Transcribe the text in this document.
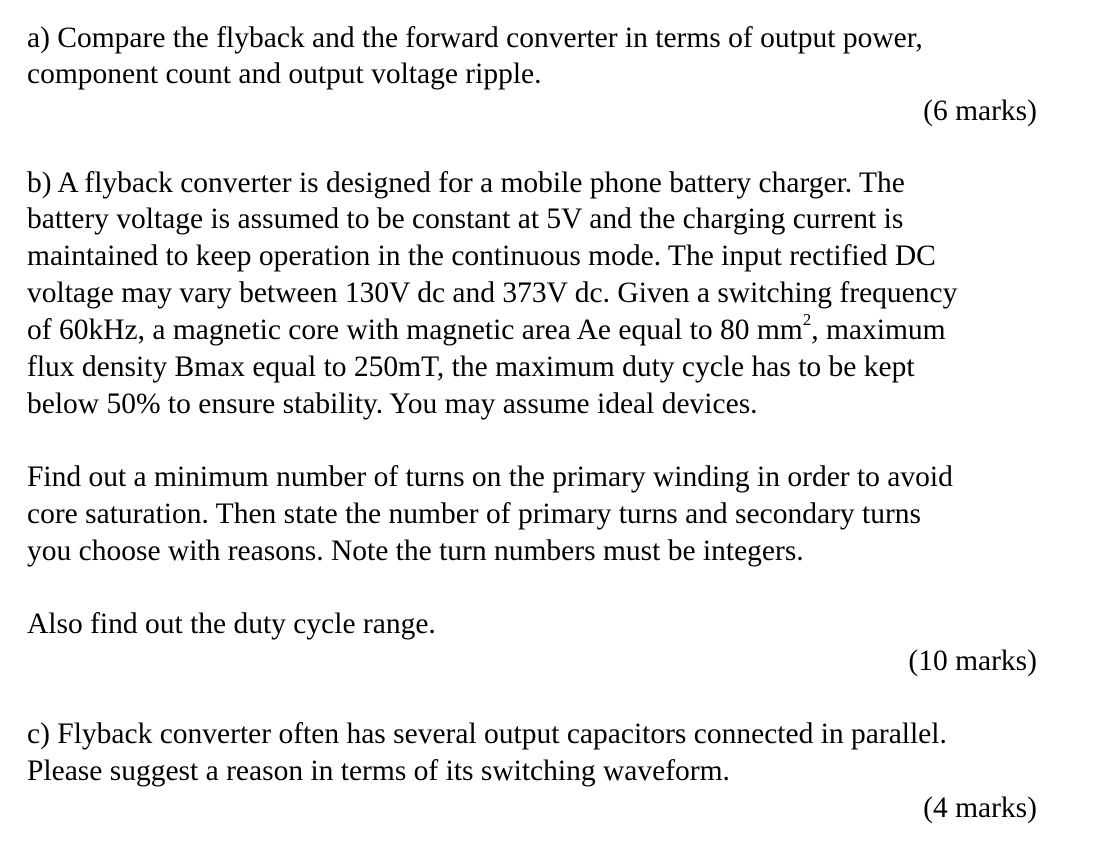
a) Compare the flyback and the forward converter in terms of output power,
component count and output voltage ripple.
(6 marks)
b) A flyback converter is designed for a mobile phone battery charger. The
battery voltage is assumed to be constant at 5V and the charging current is
maintained to keep operation in the continuous mode. The input rectified DC
voltage may vary between 130V dc and 373V dc. Given a switching frequency
of 60kHz, a magnetic core with magnetic area Ae equal to 80 $mm^2$, maximum
flux density Bmax equal to 250mT, the maximum duty cycle has to be kept
below 50% to ensure stability. You may assume ideal devices.
Find out a minimum number of turns on the primary winding in order to avoid
core saturation. Then state the number of primary turns and secondary turns
you choose with reasons. Note the turn numbers must be integers.
Also find out the duty cycle range.
(10 marks)
c) Flyback converter often has several output capacitors connected in parallel.
Please suggest a reason in terms of its switching waveform.
(4 marks)
